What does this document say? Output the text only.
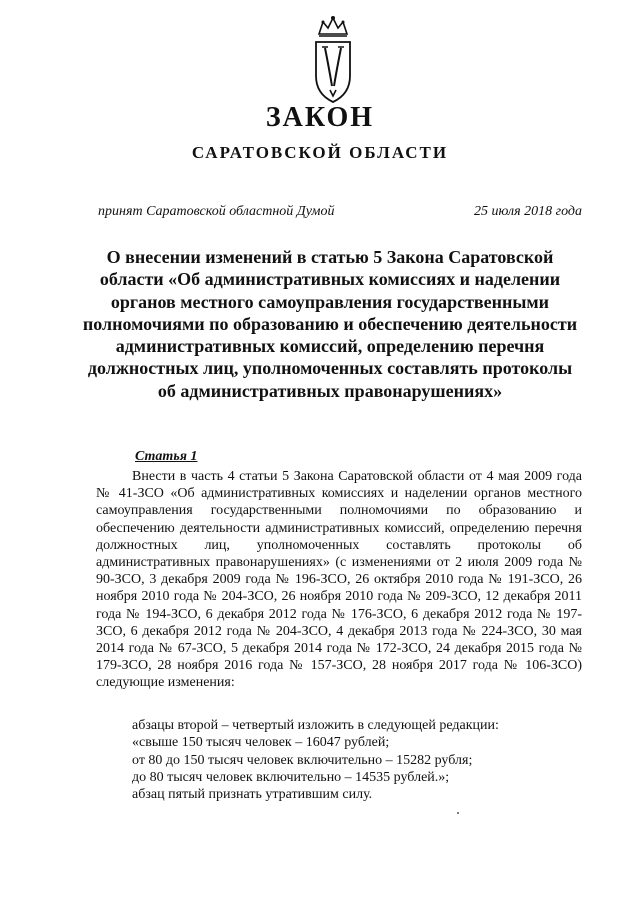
ЗАКОН
САРАТОВСКОЙ ОБЛАСТИ
принят Саратовской областной Думой	25 июля 2018 года
О внесении изменений в статью 5 Закона Саратовской области «Об административных комиссиях и наделении органов местного самоуправления государственными полномочиями по образованию и обеспечению деятельности административных комиссий, определению перечня должностных лиц, уполномоченных составлять протоколы об административных правонарушениях»
Статья 1
Внести в часть 4 статьи 5 Закона Саратовской области от 4 мая 2009 года № 41-ЗСО «Об административных комиссиях и наделении органов местного самоуправления государственными полномочиями по образованию и обеспечению деятельности административных комиссий, определению перечня должностных лиц, уполномоченных составлять протоколы об административных правонарушениях» (с изменениями от 2 июля 2009 года № 90-ЗСО, 3 декабря 2009 года № 196-ЗСО, 26 октября 2010 года № 191-ЗСО, 26 ноября 2010 года № 204-ЗСО, 26 ноября 2010 года № 209-ЗСО, 12 декабря 2011 года № 194-ЗСО, 6 декабря 2012 года № 176-ЗСО, 6 декабря 2012 года № 197-ЗСО, 6 декабря 2012 года № 204-ЗСО, 4 декабря 2013 года № 224-ЗСО, 30 мая 2014 года № 67-ЗСО, 5 декабря 2014 года № 172-ЗСО, 24 декабря 2015 года № 179-ЗСО, 28 ноября 2016 года № 157-ЗСО, 28 ноября 2017 года № 106-ЗСО) следующие изменения:
абзацы второй – четвертый изложить в следующей редакции:
«свыше 150 тысяч человек – 16047 рублей;
от 80 до 150 тысяч человек включительно – 15282 рубля;
до 80 тысяч человек включительно – 14535 рублей.»;
абзац пятый признать утратившим силу.
